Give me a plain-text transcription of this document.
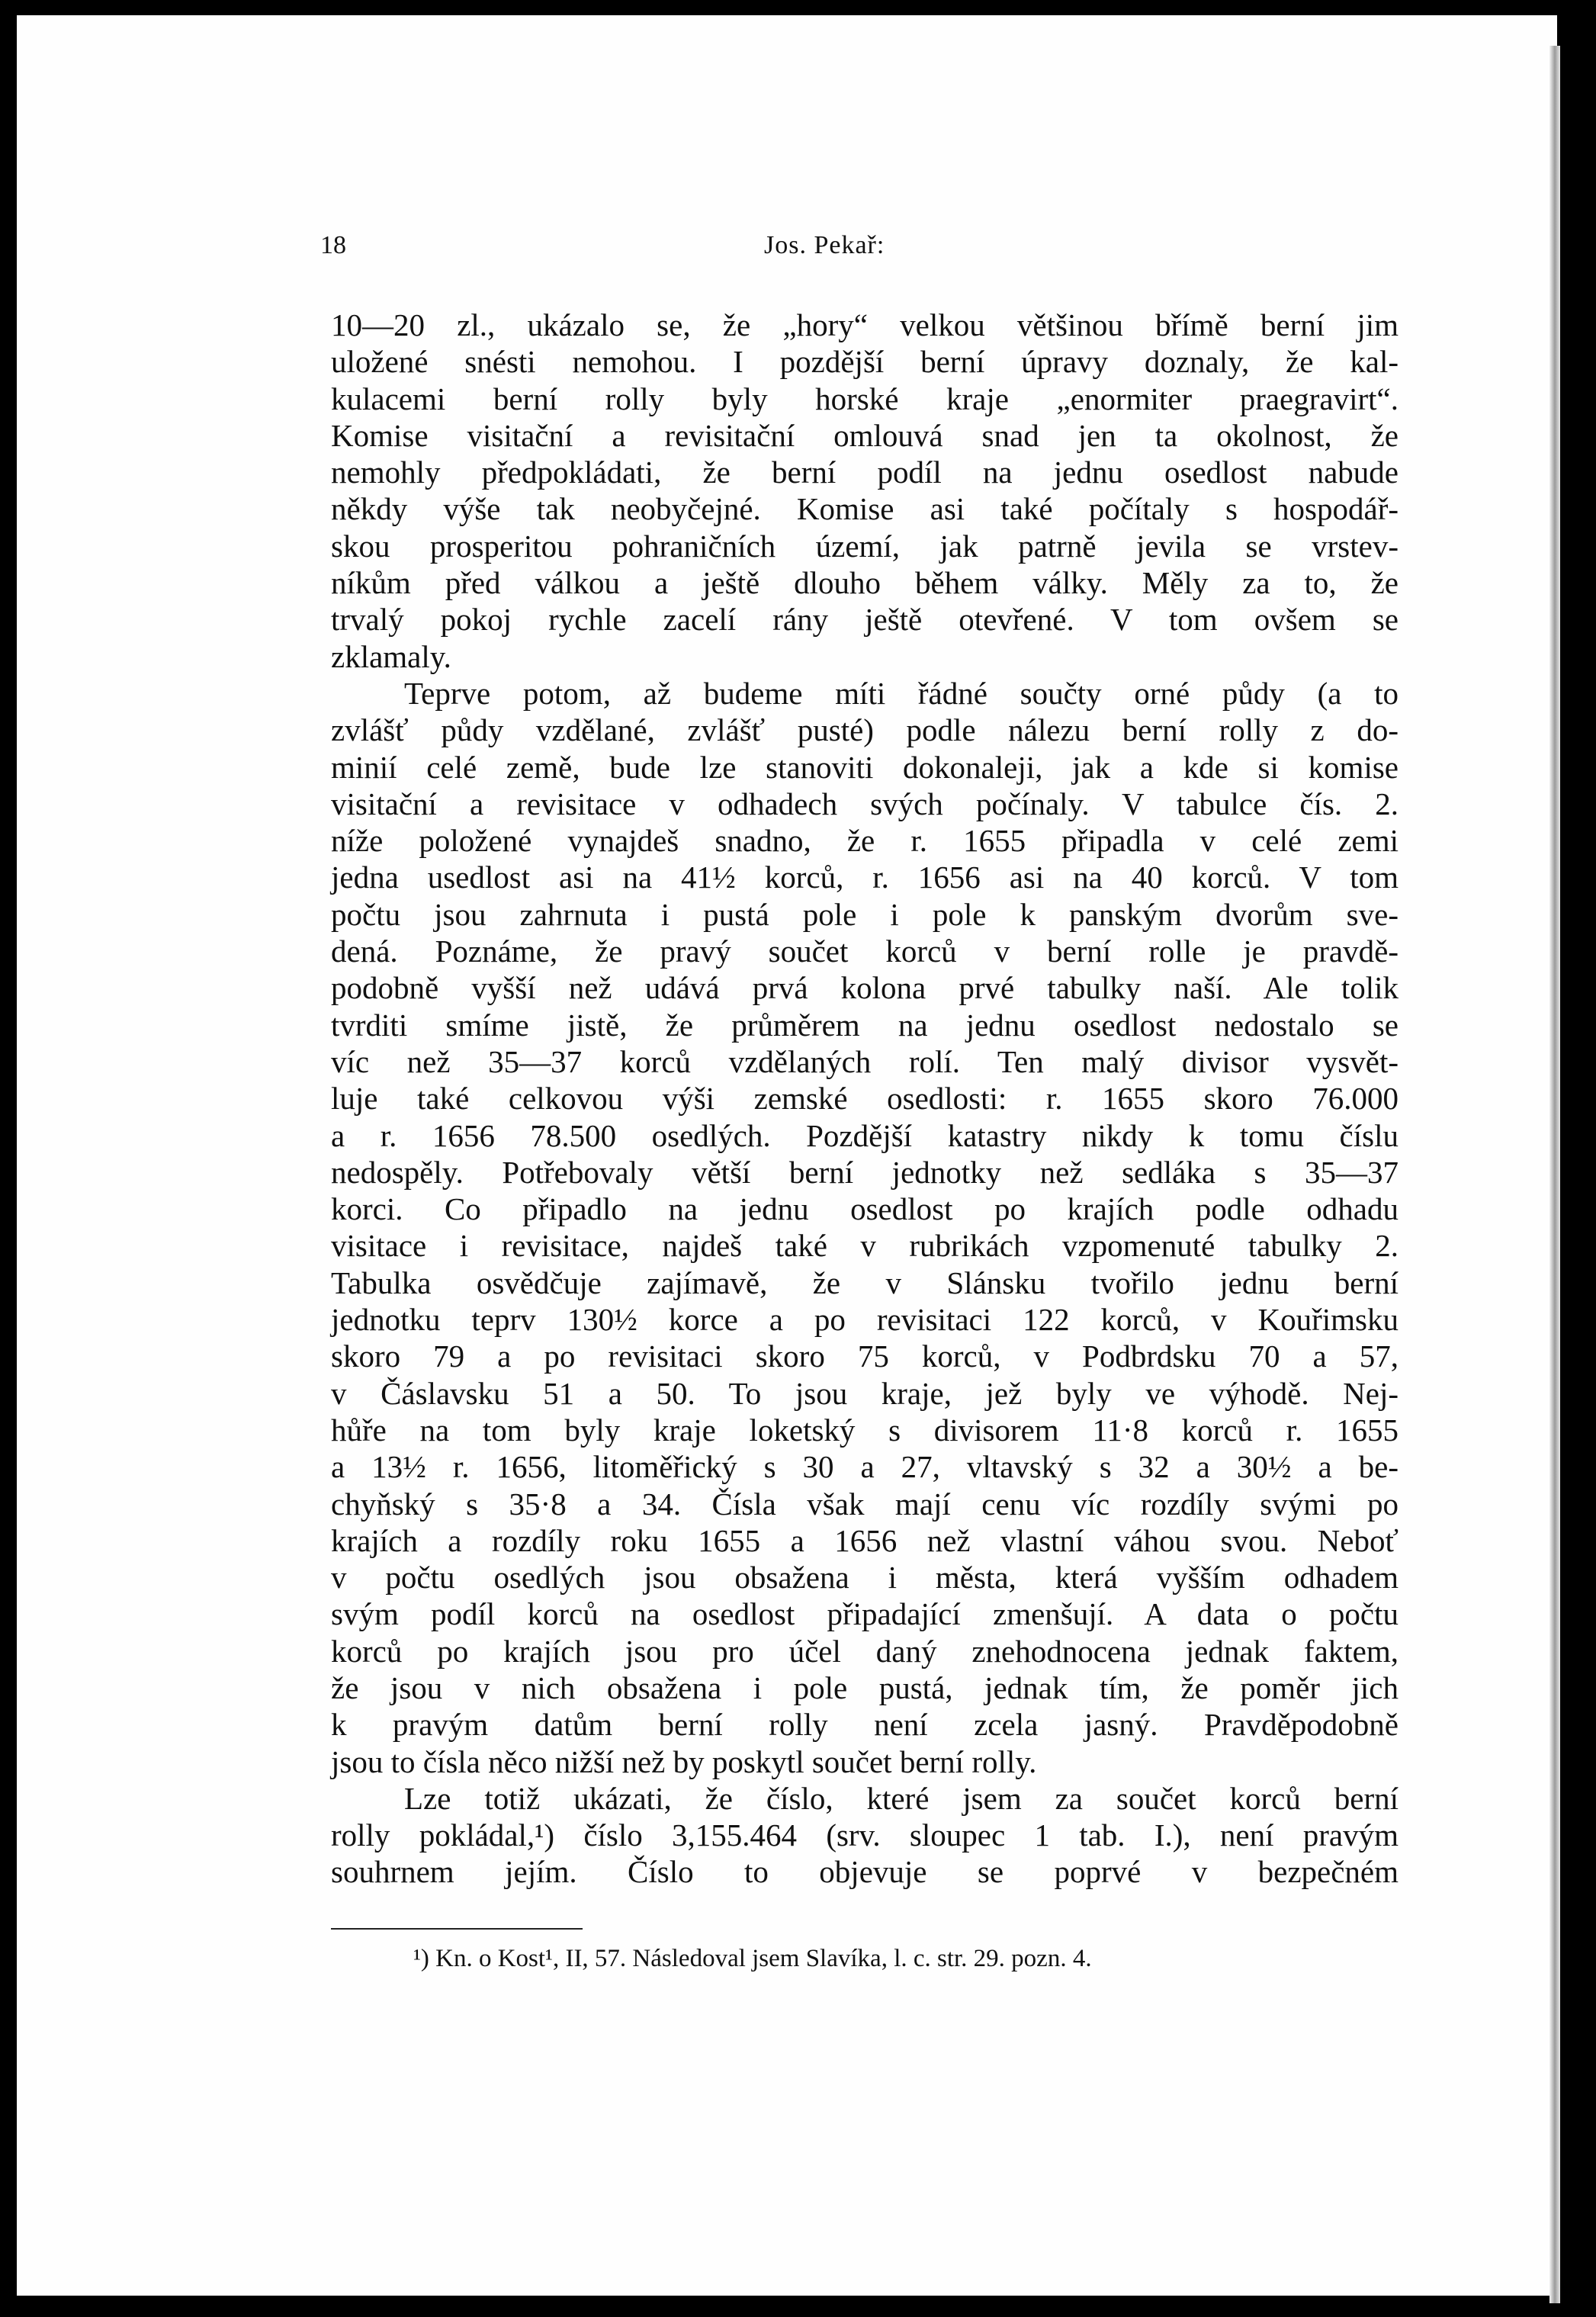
18	Jos. Pekař:
10—20 zl., ukázalo se, že „hory“ velkou většinou břímě berní jim
uložené snésti nemohou. I pozdější berní úpravy doznaly, že kal-
kulacemi berní rolly byly horské kraje „enormiter praegravirt“.
Komise visitační a revisitační omlouvá snad jen ta okolnost, že
nemohly předpokládati, že berní podíl na jednu osedlost nabude
někdy výše tak neobyčejné. Komise asi také počítaly s hospodář-
skou prosperitou pohraničních území, jak patrně jevila se vrstev-
níkům před válkou a ještě dlouho během války. Měly za to, že
trvalý pokoj rychle zacelí rány ještě otevřené. V tom ovšem se
zklamaly.
Teprve potom, až budeme míti řádné součty orné půdy (a to
zvlášť půdy vzdělané, zvlášť pusté) podle nálezu berní rolly z do-
minií celé země, bude lze stanoviti dokonaleji, jak a kde si komise
visitační a revisitace v odhadech svých počínaly. V tabulce čís. 2.
níže položené vynajdeš snadno, že r. 1655 připadla v celé zemi
jedna usedlost asi na 41½ korců, r. 1656 asi na 40 korců. V tom
počtu jsou zahrnuta i pustá pole i pole k panským dvorům sve-
dená. Poznáme, že pravý součet korců v berní rolle je pravdě-
podobně vyšší než udává prvá kolona prvé tabulky naší. Ale tolik
tvrditi smíme jistě, že průměrem na jednu osedlost nedostalo se
víc než 35—37 korců vzdělaných rolí. Ten malý divisor vysvět-
luje také celkovou výši zemské osedlosti: r. 1655 skoro 76.000
a r. 1656 78.500 osedlých. Pozdější katastry nikdy k tomu číslu
nedospěly. Potřebovaly větší berní jednotky než sedláka s 35—37
korci. Co připadlo na jednu osedlost po krajích podle odhadu
visitace i revisitace, najdeš také v rubrikách vzpomenuté tabulky 2.
Tabulka osvědčuje zajímavě, že v Slánsku tvořilo jednu berní
jednotku teprv 130½ korce a po revisitaci 122 korců, v Kouřimsku
skoro 79 a po revisitaci skoro 75 korců, v Podbrdsku 70 a 57,
v Čáslavsku 51 a 50. To jsou kraje, jež byly ve výhodě. Nej-
hůře na tom byly kraje loketský s divisorem 11·8 korců r. 1655
a 13½ r. 1656, litoměřický s 30 a 27, vltavský s 32 a 30½ a be-
chyňský s 35·8 a 34. Čísla však mají cenu víc rozdíly svými po
krajích a rozdíly roku 1655 a 1656 než vlastní váhou svou. Neboť
v počtu osedlých jsou obsažena i města, která vyšším odhadem
svým podíl korců na osedlost připadající zmenšují. A data o počtu
korců po krajích jsou pro účel daný znehodnocena jednak faktem,
že jsou v nich obsažena i pole pustá, jednak tím, že poměr jich
k pravým datům berní rolly není zcela jasný. Pravděpodobně
jsou to čísla něco nižší než by poskytl součet berní rolly.
Lze totiž ukázati, že číslo, které jsem za součet korců berní
rolly pokládal,¹) číslo 3,155.464 (srv. sloupec 1 tab. I.), není pravým
souhrnem jejím. Číslo to objevuje se poprvé v bezpečném
¹) Kn. o Kost¹, II, 57. Následoval jsem Slavíka, l. c. str. 29. pozn. 4.
